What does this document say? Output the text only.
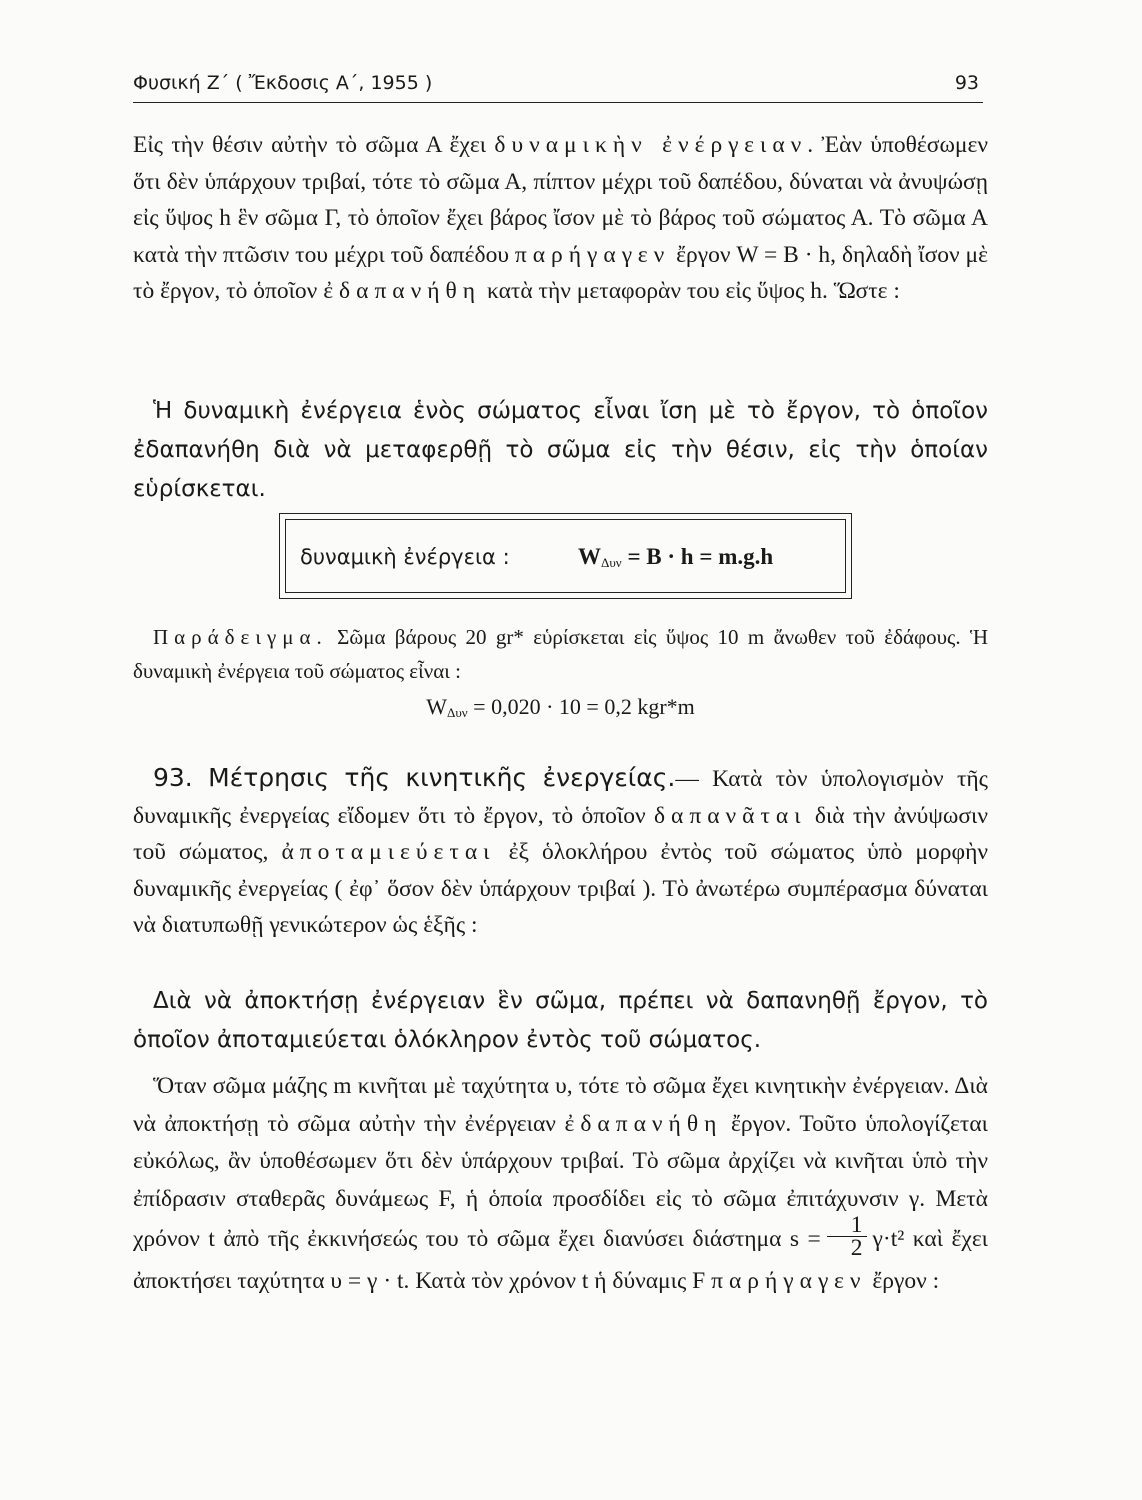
Φυσική Ζ΄ ( Ἔκδοσις Α΄, 1955 )	93

Εἰς τὴν θέσιν αὐτὴν τὸ σῶμα Α ἔχει δυναμικὴν ἐνέργειαν. Ἐὰν ὑποθέσωμεν ὅτι δὲν ὑπάρχουν τριβαί, τότε τὸ σῶμα Α, πίπτον μέχρι τοῦ δαπέδου, δύναται νὰ ἀνυψώσῃ εἰς ὕψος h ἓν σῶμα Γ, τὸ ὁποῖον ἔχει βάρος ἴσον μὲ τὸ βάρος τοῦ σώματος Α. Τὸ σῶμα Α κατὰ τὴν πτῶσιν του μέχρι τοῦ δαπέδου παρήγαγεν ἔργον W = Β · h, δηλαδὴ ἴσον μὲ τὸ ἔργον, τὸ ὁποῖον ἐδαπανήθη κατὰ τὴν μεταφορὰν του εἰς ὕψος h. Ὥστε :

Ἡ δυναμικὴ ἐνέργεια ἑνὸς σώματος εἶναι ἴση μὲ τὸ ἔργον, τὸ ὁποῖον ἐδαπανήθη διὰ νὰ μεταφερθῇ τὸ σῶμα εἰς τὴν θέσιν, εἰς τὴν ὁποίαν εὑρίσκεται.

δυναμικὴ ἐνέργεια :	$W_{\Delta\upsilon\nu} = B \cdot h = m.g.h$

Παράδειγμα. Σῶμα βάρους 20 gr* εὑρίσκεται εἰς ὕψος 10 m ἄνωθεν τοῦ ἐδάφους. Ἡ δυναμικὴ ἐνέργεια τοῦ σώματος εἶναι :

$W_{\Delta\upsilon\nu} = 0,020 \cdot 10 = 0,2$ kgr*m

93. Μέτρησις τῆς κινητικῆς ἐνεργείας.— Κατὰ τὸν ὑπολογισμὸν τῆς δυναμικῆς ἐνεργείας εἴδομεν ὅτι τὸ ἔργον, τὸ ὁποῖον δαπανᾶται διὰ τὴν ἀνύψωσιν τοῦ σώματος, ἀποταμιεύεται ἐξ ὁλοκλήρου ἐντὸς τοῦ σώματος ὑπὸ μορφὴν δυναμικῆς ἐνεργείας ( ἐφ᾿ ὅσον δὲν ὑπάρχουν τριβαί ). Τὸ ἀνωτέρω συμπέρασμα δύναται νὰ διατυπωθῇ γενικώτερον ὡς ἑξῆς :

Διὰ νὰ ἀποκτήσῃ ἐνέργειαν ἓν σῶμα, πρέπει νὰ δαπανηθῇ ἔργον, τὸ ὁποῖον ἀποταμιεύεται ὁλόκληρον ἐντὸς τοῦ σώματος.

Ὅταν σῶμα μάζης m κινῆται μὲ ταχύτητα υ, τότε τὸ σῶμα ἔχει κινητικὴν ἐνέργειαν. Διὰ νὰ ἀποκτήσῃ τὸ σῶμα αὐτὴν τὴν ἐνέργειαν ἐδαπανήθη ἔργον. Τοῦτο ὑπολογίζεται εὐκόλως, ἂν ὑποθέσωμεν ὅτι δὲν ὑπάρχουν τριβαί. Τὸ σῶμα ἀρχίζει νὰ κινῆται ὑπὸ τὴν ἐπίδρασιν σταθερᾶς δυνάμεως F, ἡ ὁποία προσδίδει εἰς τὸ σῶμα ἐπιτάχυνσιν γ. Μετὰ χρόνον t ἀπὸ τῆς ἐκκινήσεώς του τὸ σῶμα ἔχει διανύσει διάστημα $s = \frac{1}{2} \gamma\cdot t^2$ καὶ ἔχει ἀποκτήσει ταχύτητα υ = γ · t. Κατὰ τὸν χρόνον t ἡ δύναμις F παρήγαγεν ἔργον :
